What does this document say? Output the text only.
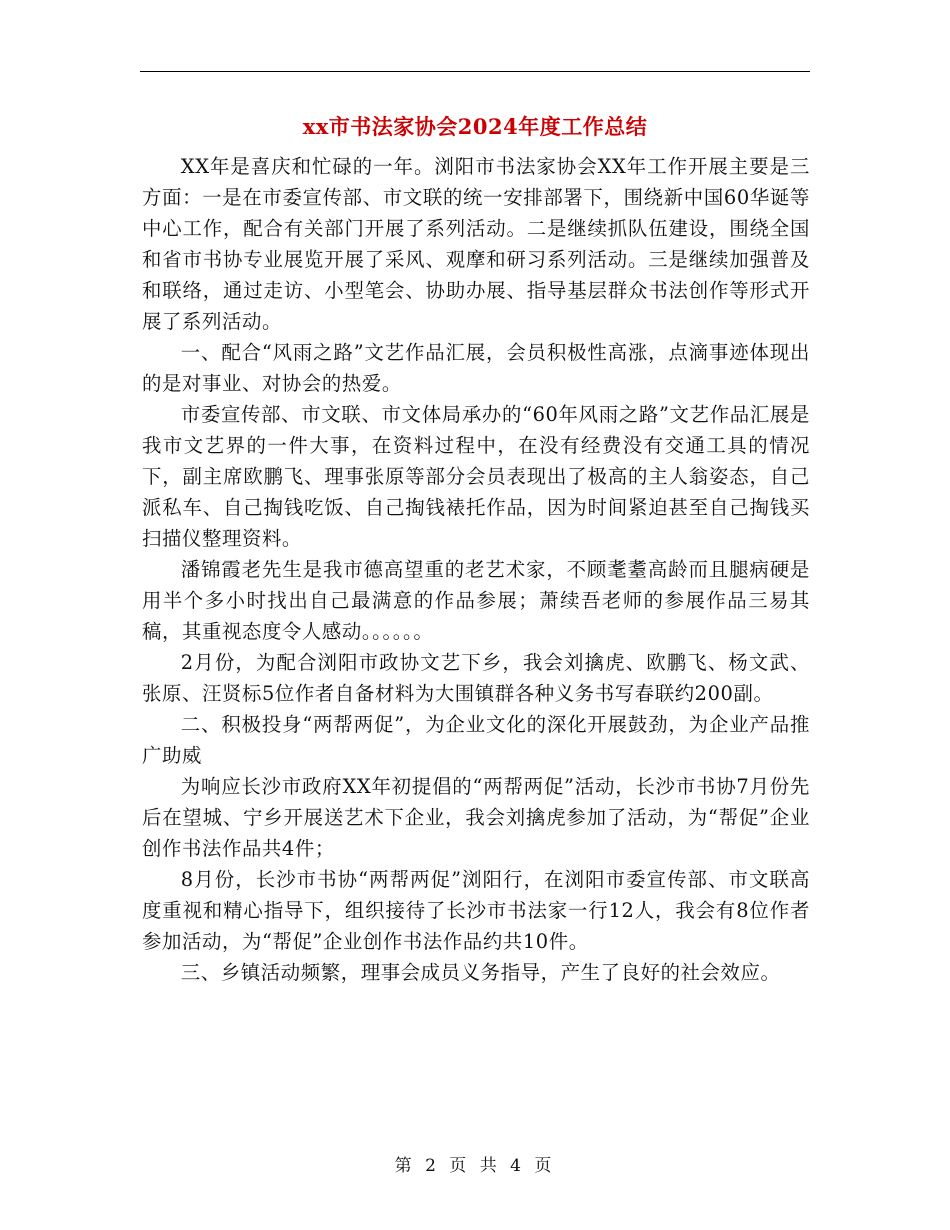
xx市书法家协会2024年度工作总结

XX年是喜庆和忙碌的一年。浏阳市书法家协会XX年工作开展主要是三方面：一是在市委宣传部、市文联的统一安排部署下，围绕新中国60华诞等中心工作，配合有关部门开展了系列活动。二是继续抓队伍建设，围绕全国和省市书协专业展览开展了采风、观摩和研习系列活动。三是继续加强普及和联络，通过走访、小型笔会、协助办展、指导基层群众书法创作等形式开展了系列活动。

一、配合“风雨之路”文艺作品汇展，会员积极性高涨，点滴事迹体现出的是对事业、对协会的热爱。

市委宣传部、市文联、市文体局承办的“60年风雨之路”文艺作品汇展是我市文艺界的一件大事，在资料过程中，在没有经费没有交通工具的情况下，副主席欧鹏飞、理事张原等部分会员表现出了极高的主人翁姿态，自己派私车、自己掏钱吃饭、自己掏钱裱托作品，因为时间紧迫甚至自己掏钱买扫描仪整理资料。

潘锦霞老先生是我市德高望重的老艺术家，不顾耄耋高龄而且腿病硬是用半个多小时找出自己最满意的作品参展；萧续吾老师的参展作品三易其稿，其重视态度令人感动。。。。。。

2月份，为配合浏阳市政协文艺下乡，我会刘擒虎、欧鹏飞、杨文武、张原、汪贤标5位作者自备材料为大围镇群各种义务书写春联约200副。

二、积极投身“两帮两促”，为企业文化的深化开展鼓劲，为企业产品推广助威

为响应长沙市政府XX年初提倡的“两帮两促”活动，长沙市书协7月份先后在望城、宁乡开展送艺术下企业，我会刘擒虎参加了活动，为“帮促”企业创作书法作品共4件；

8月份，长沙市书协“两帮两促”浏阳行，在浏阳市委宣传部、市文联高度重视和精心指导下，组织接待了长沙市书法家一行12人，我会有8位作者参加活动，为“帮促”企业创作书法作品约共10件。

三、乡镇活动频繁，理事会成员义务指导，产生了良好的社会效应。

第 2 页 共 4 页
